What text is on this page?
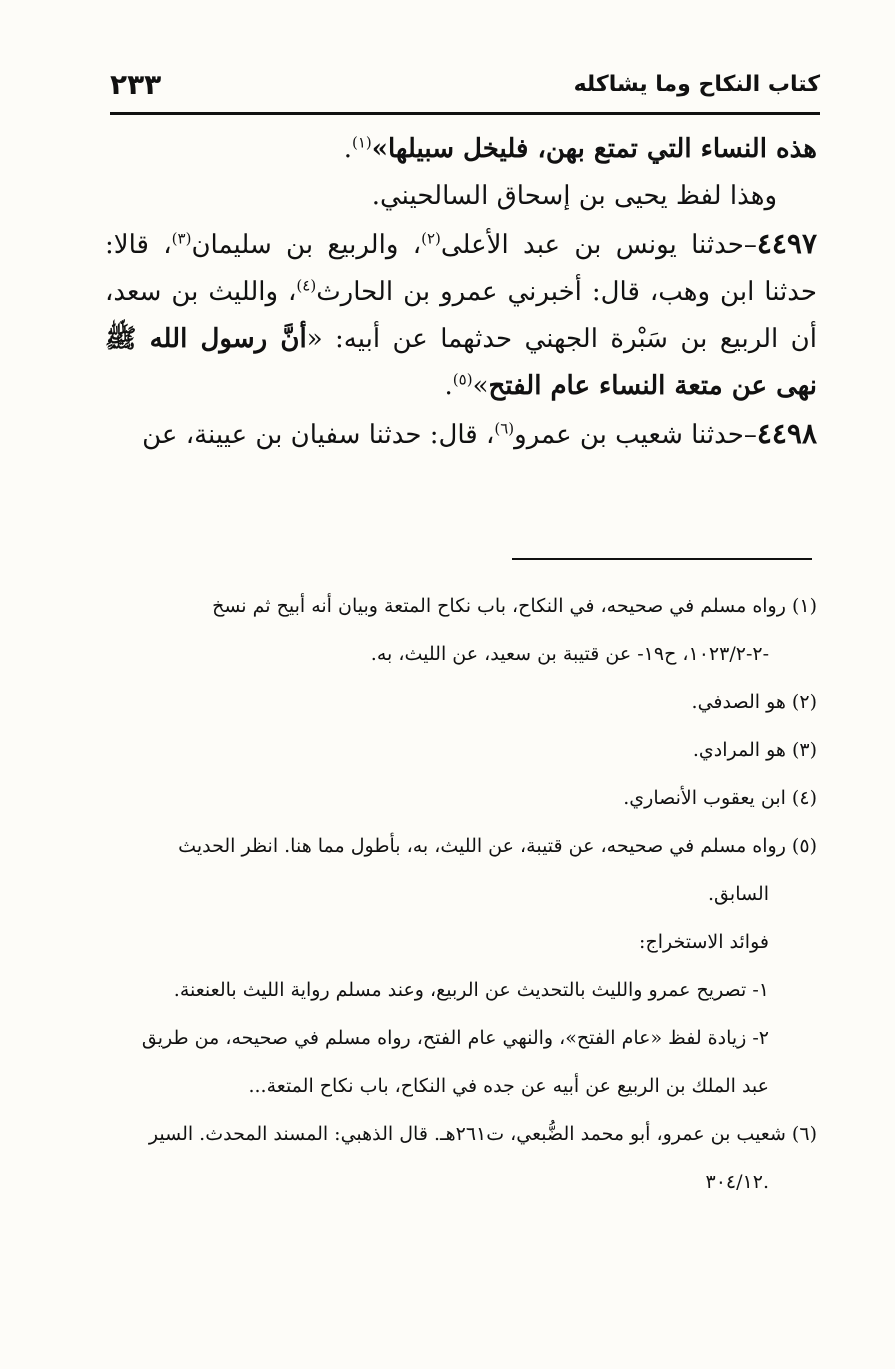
كتاب النكاح وما يشاكله
٢٣٣

هذه النساء التي تمتع بهن، فليخل سبيلها»$^{(١)}$.

وهذا لفظ يحيى بن إسحاق السالحيني.

٤٤٩٧–حدثنا يونس بن عبد الأعلى$^{(٢)}$، والربيع بن سليمان$^{(٣)}$، قالا: حدثنا ابن وهب، قال: أخبرني عمرو بن الحارث$^{(٤)}$، والليث بن سعد، أن الربيع بن سَبْرة الجهني حدثهما عن أبيه: «أنَّ رسول الله ﷺ نهى عن متعة النساء عام الفتح»$^{(٥)}$.

٤٤٩٨–حدثنا شعيب بن عمرو$^{(٦)}$، قال: حدثنا سفيان بن عيينة، عن

(١) رواه مسلم في صحيحه، في النكاح، باب نكاح المتعة وبيان أنه أبيح ثم نسخ

-٢-١٠٢٣/٢، ح١٩- عن قتيبة بن سعيد، عن الليث، به.

(٢) هو الصدفي.

(٣) هو المرادي.

(٤) ابن يعقوب الأنصاري.

(٥) رواه مسلم في صحيحه، عن قتيبة، عن الليث، به، بأطول مما هنا. انظر الحديث

السابق.

فوائد الاستخراج:

١- تصريح عمرو والليث بالتحديث عن الربيع، وعند مسلم رواية الليث بالعنعنة.

٢- زيادة لفظ «عام الفتح»، والنهي عام الفتح، رواه مسلم في صحيحه، من طريق

عبد الملك بن الربيع عن أبيه عن جده في النكاح، باب نكاح المتعة...

(٦) شعيب بن عمرو، أبو محمد الضُّبعي، ت٢٦١هـ. قال الذهبي: المسند المحدث. السير

.٣٠٤/١٢
